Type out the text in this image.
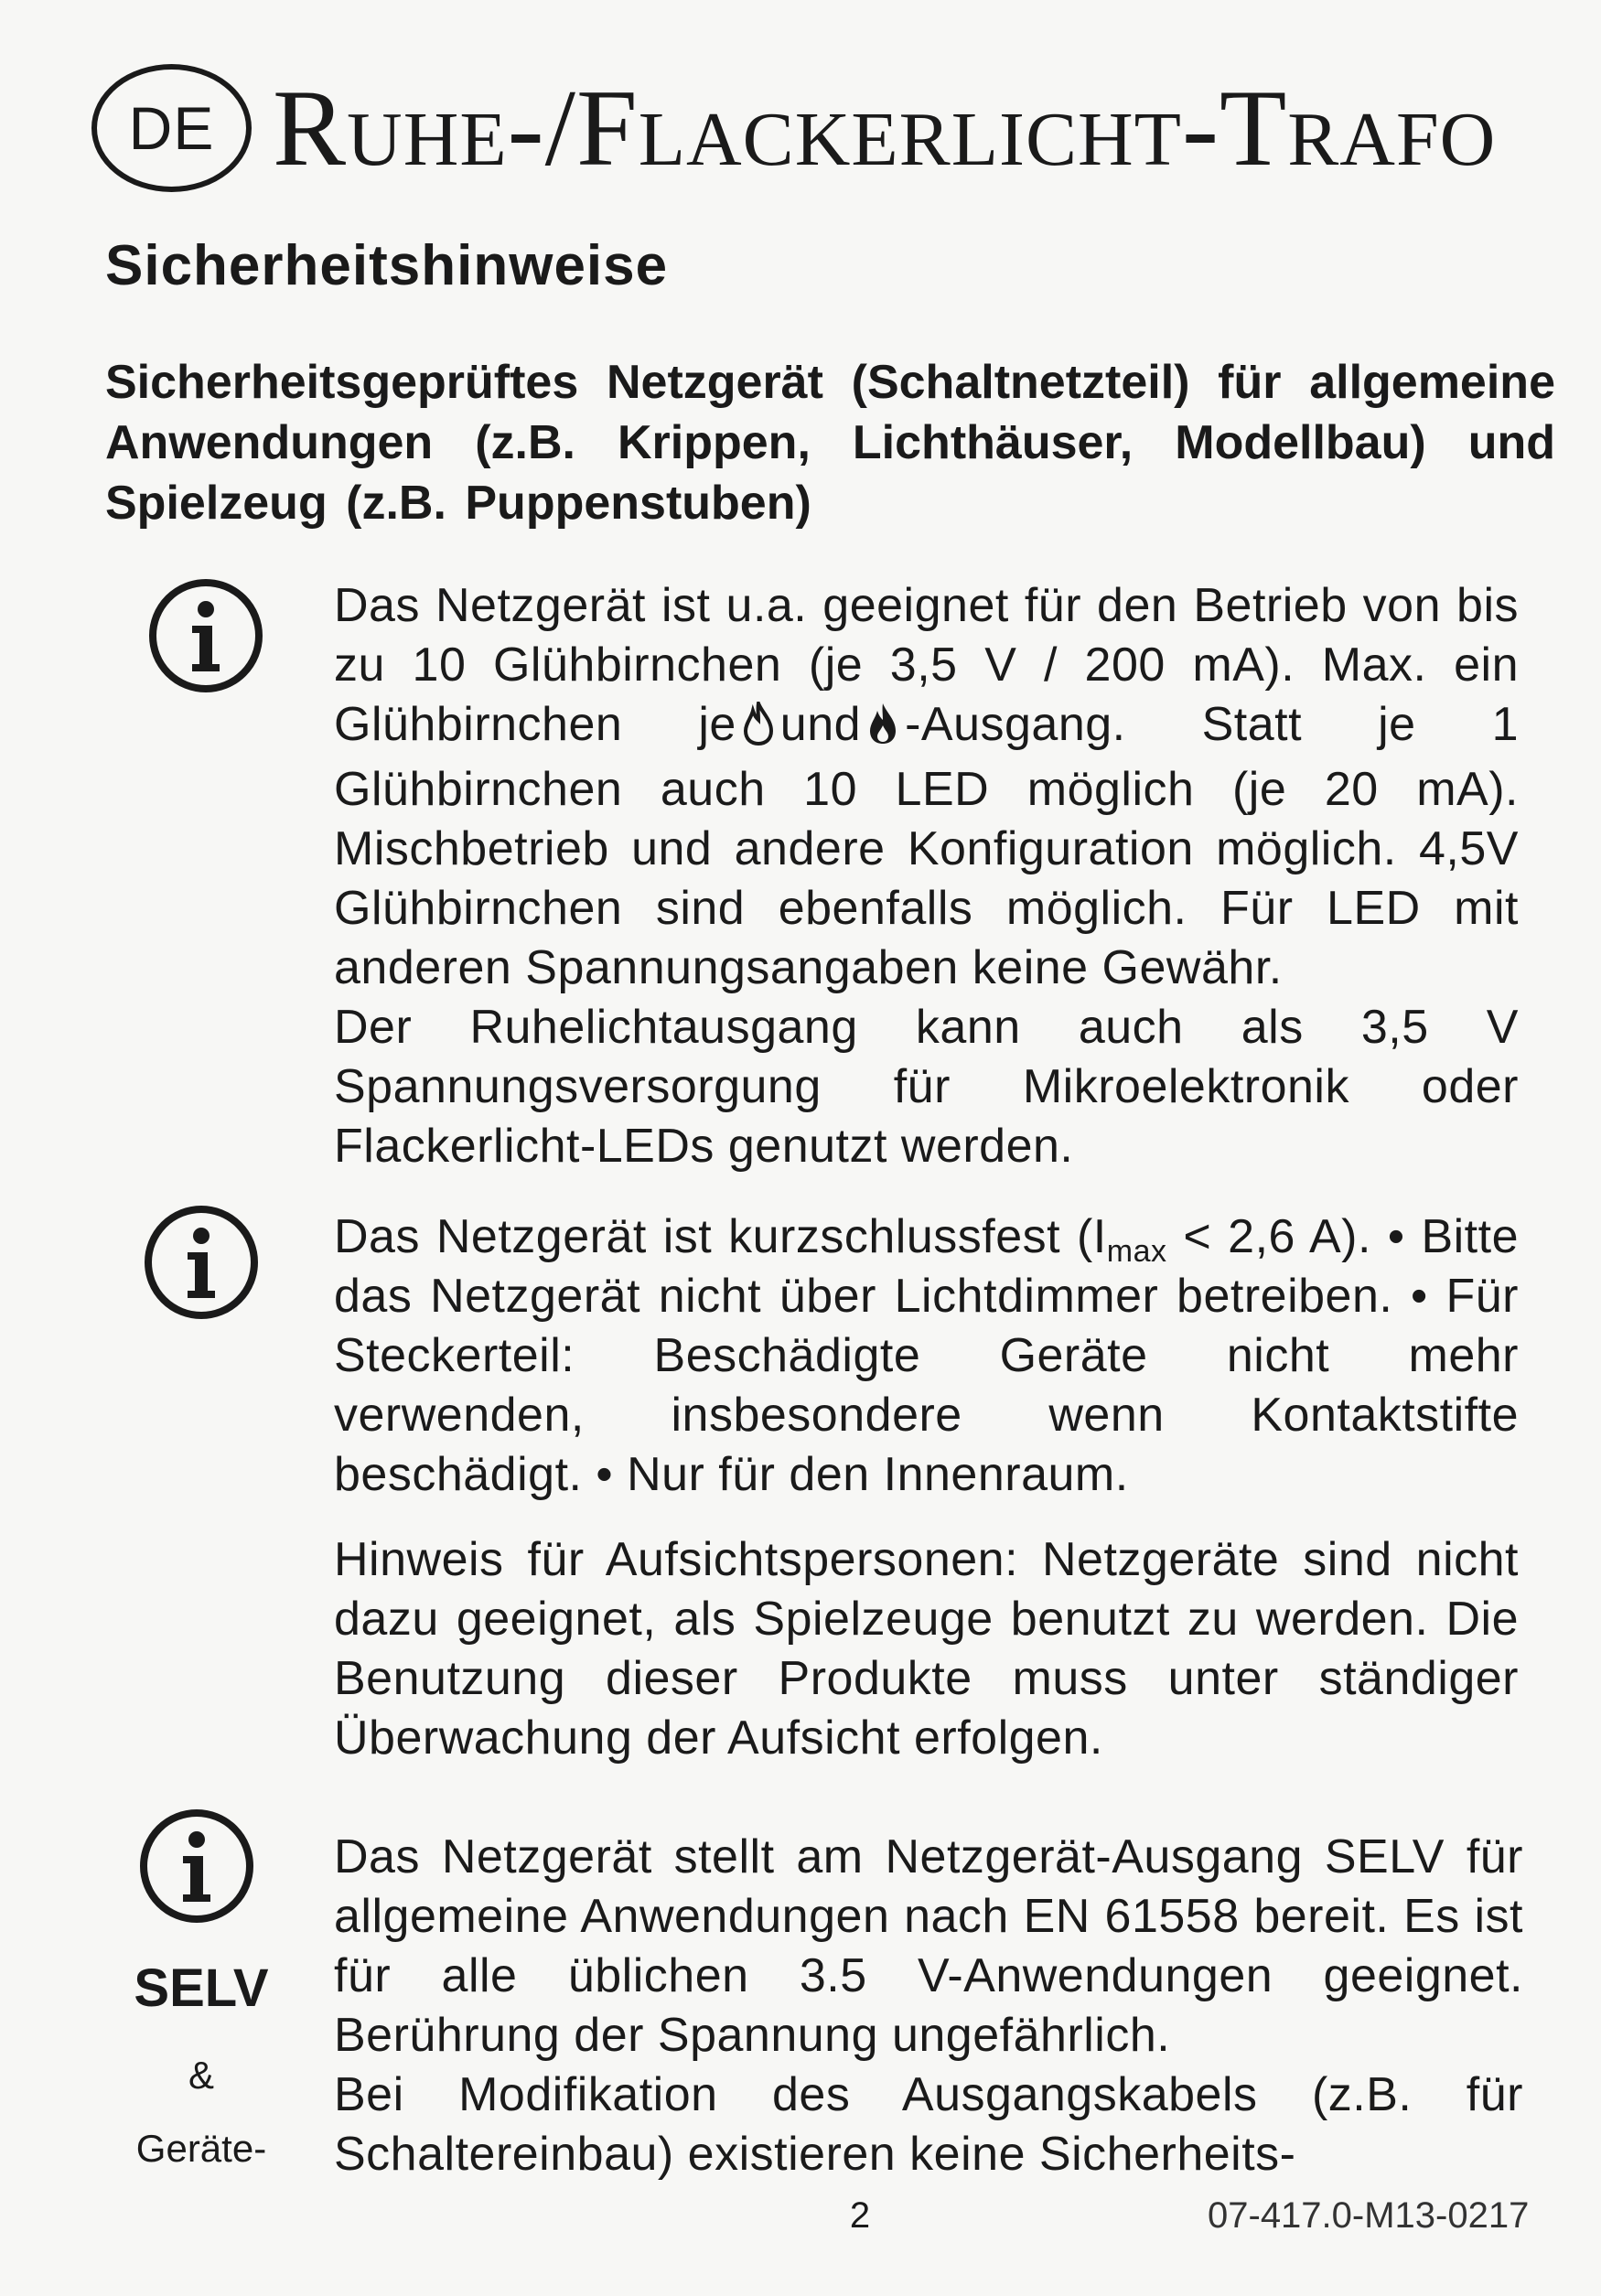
DE Ruhe-/Flackerlicht-Trafo
Sicherheitshinweise
Sicherheitsgeprüftes Netzgerät (Schaltnetzteil) für allgemeine Anwendungen (z.B. Krippen, Lichthäuser, Modellbau) und Spielzeug (z.B. Puppenstuben)

Das Netzgerät ist u.a. geeignet für den Betrieb von bis zu 10 Glühbirnchen (je 3,5 V / 200 mA). Max. ein Glühbirnchen je und -Ausgang. Statt je 1 Glühbirnchen auch 10 LED möglich (je 20 mA). Mischbetrieb und andere Konfiguration möglich. 4,5V Glühbirnchen sind ebenfalls möglich. Für LED mit anderen Spannungsangaben keine Gewähr.

Der Ruhelichtausgang kann auch als 3,5 V Spannungsversorgung für Mikroelektronik oder Flackerlicht-LEDs genutzt werden.

Das Netzgerät ist kurzschlussfest ($I_{max} < 2,6$ A). • Bitte das Netzgerät nicht über Lichtdimmer betreiben. • Für Steckerteil: Beschädigte Geräte nicht mehr verwenden, insbesondere wenn Kontaktstifte beschädigt. • Nur für den Innenraum.

Hinweis für Aufsichtspersonen: Netzgeräte sind nicht dazu geeignet, als Spielzeuge benutzt zu werden. Die Benutzung dieser Produkte muss unter ständiger Überwachung der Aufsicht erfolgen.

SELV
&
Geräte-

Das Netzgerät stellt am Netzgerät-Ausgang SELV für allgemeine Anwendungen nach EN 61558 bereit. Es ist für alle üblichen 3.5 V-Anwendungen geeignet. Berührung der Spannung ungefährlich.

Bei Modifikation des Ausgangskabels (z.B. für Schaltereinbau) existieren keine Sicherheits-

2	07-417.0-M13-0217
